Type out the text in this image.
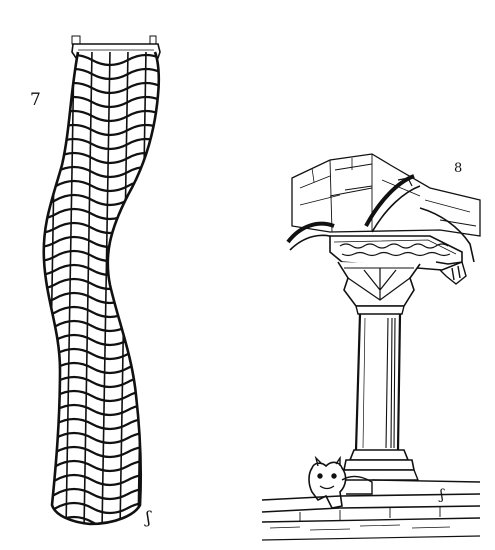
7
8
ʃ
ʃ
